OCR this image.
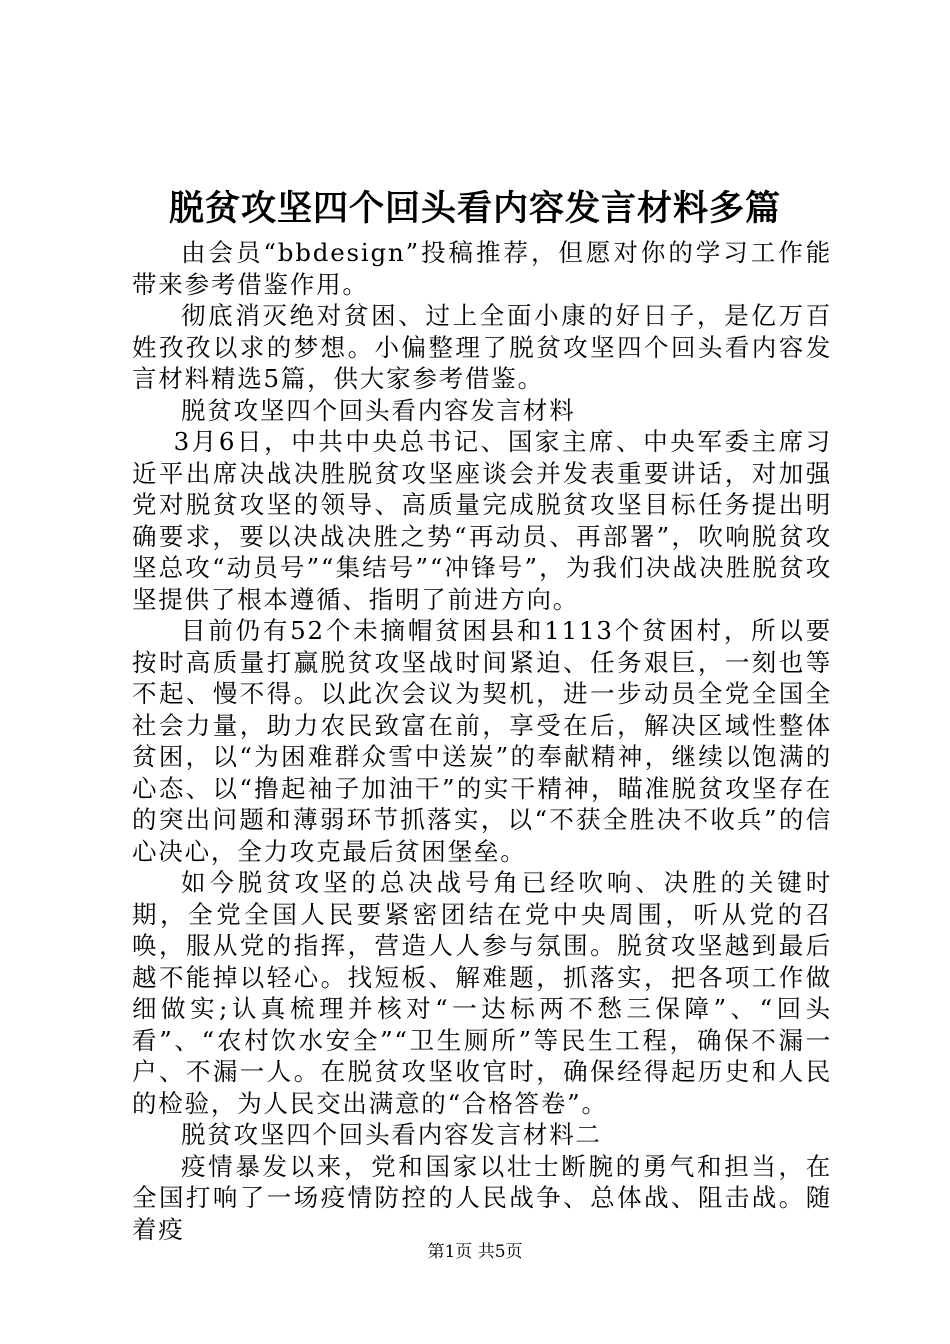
脱贫攻坚四个回头看内容发言材料多篇

由会员“bbdesign”投稿推荐，但愿对你的学习工作能带来参考借鉴作用。

彻底消灭绝对贫困、过上全面小康的好日子，是亿万百姓孜孜以求的梦想。小偏整理了脱贫攻坚四个回头看内容发言材料精选5篇，供大家参考借鉴。

脱贫攻坚四个回头看内容发言材料

3月6日，中共中央总书记、国家主席、中央军委主席习近平出席决战决胜脱贫攻坚座谈会并发表重要讲话，对加强党对脱贫攻坚的领导、高质量完成脱贫攻坚目标任务提出明确要求，要以决战决胜之势“再动员、再部署”，吹响脱贫攻坚总攻“动员号”“集结号”“冲锋号”，为我们决战决胜脱贫攻坚提供了根本遵循、指明了前进方向。

目前仍有52个未摘帽贫困县和1113个贫困村，所以要按时高质量打赢脱贫攻坚战时间紧迫、任务艰巨，一刻也等不起、慢不得。以此次会议为契机，进一步动员全党全国全社会力量，助力农民致富在前，享受在后，解决区域性整体贫困，以“为困难群众雪中送炭”的奉献精神，继续以饱满的心态、以“撸起袖子加油干”的实干精神，瞄准脱贫攻坚存在的突出问题和薄弱环节抓落实，以“不获全胜决不收兵”的信心决心，全力攻克最后贫困堡垒。

如今脱贫攻坚的总决战号角已经吹响、决胜的关键时期，全党全国人民要紧密团结在党中央周围，听从党的召唤，服从党的指挥，营造人人参与氛围。脱贫攻坚越到最后越不能掉以轻心。找短板、解难题，抓落实，把各项工作做细做实;认真梳理并核对“一达标两不愁三保障”、“回头看”、“农村饮水安全”“卫生厕所”等民生工程，确保不漏一户、不漏一人。在脱贫攻坚收官时，确保经得起历史和人民的检验，为人民交出满意的“合格答卷”。

脱贫攻坚四个回头看内容发言材料二

疫情暴发以来，党和国家以壮士断腕的勇气和担当，在全国打响了一场疫情防控的人民战争、总体战、阻击战。随着疫

第1页 共5页
